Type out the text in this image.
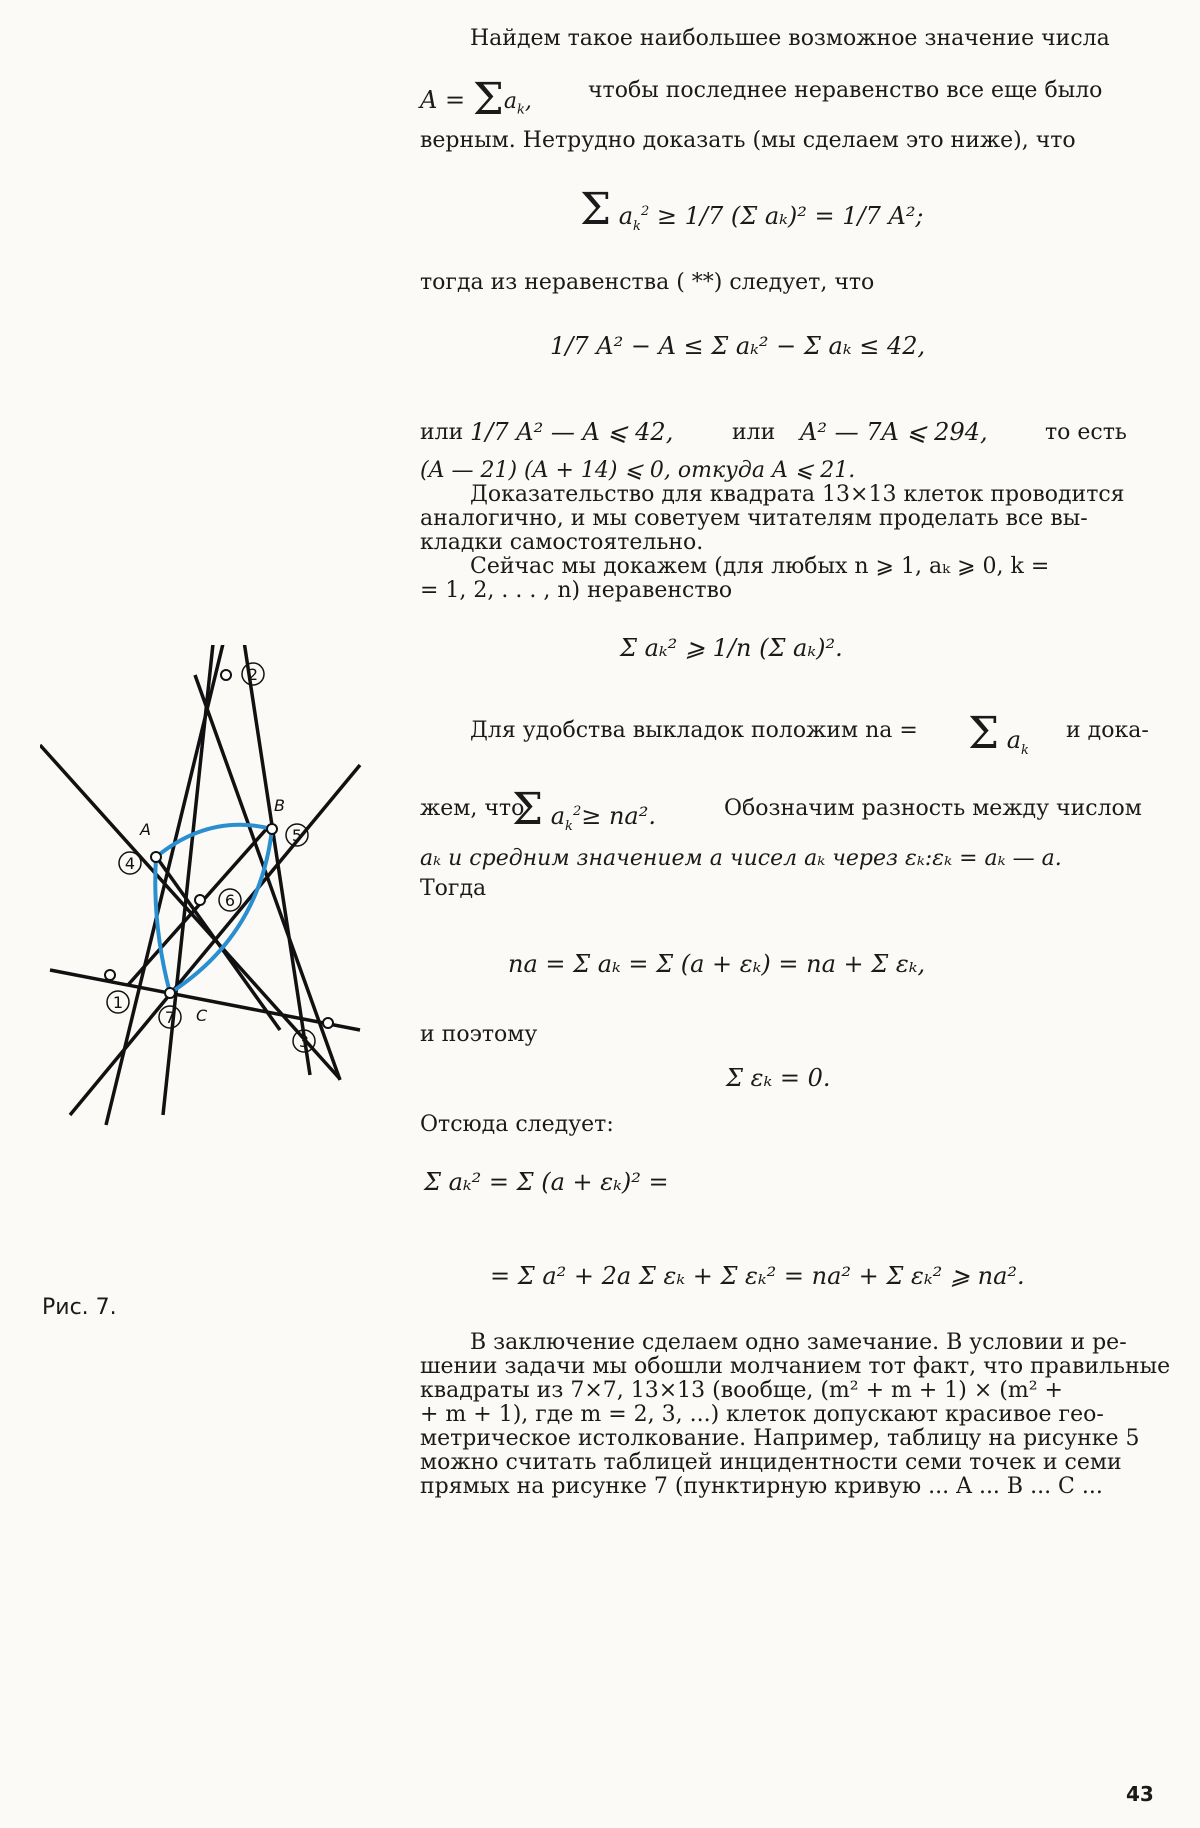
Найдем такое наибольшее возможное значение числа
$A = \Sigma a_k$,	чтобы последнее неравенство все еще было
верным. Нетрудно доказать (мы сделаем это ниже), что
Σ $a_k^2 \ge 1/7$ (Σ aₖ)² = 1/7 A²;
тогда из неравенства ( **) следует, что
1/7 A² − A ≤ Σ aₖ² − Σ aₖ ≤ 42,
или 1/7 A² — A ⩽ 42,	или A² — 7A ⩽ 294,	то есть
(A — 21) (A + 14) ⩽ 0, откуда A ⩽ 21.
Доказательство для квадрата 13×13 клеток проводится
аналогично, и мы советуем читателям проделать все вы-
кладки самостоятельно.
Сейчас мы докажем (для любых n ⩾ 1, aₖ ⩾ 0, k =
= 1, 2, . . . , n) неравенство
Σ aₖ² ⩾ 1/n (Σ aₖ)².
Для удобства выкладок положим na = Σ $a_k$
и дока-
жем, что
Σ $a_k^2\ge na^2$.	Обозначим разность между числом
aₖ и средним значением a чисел aₖ через εₖ:εₖ = aₖ — a.
Тогда
na = Σ aₖ = Σ (a + εₖ) = na + Σ εₖ,
и поэтому
Σ εₖ = 0.
Отсюда следует:
Σ aₖ² = Σ (a + εₖ)² =
= Σ a² + 2a Σ εₖ + Σ εₖ² = na² + Σ εₖ² ⩾ na².
В заключение сделаем одно замечание. В условии и ре-
шении задачи мы обошли молчанием тот факт, что правильные
квадраты из 7×7, 13×13 (вообще, (m² + m + 1) × (m² +
+ m + 1), где m = 2, 3, ...) клеток допускают красивое гео-
метрическое истолкование. Например, таблицу на рисунке 5
можно считать таблицей инцидентности семи точек и семи
прямых на рисунке 7 (пунктирную кривую ... A ... B ... C ...
A
B
C
2
4
5
6
1
7
3
Рис. 7.
43
